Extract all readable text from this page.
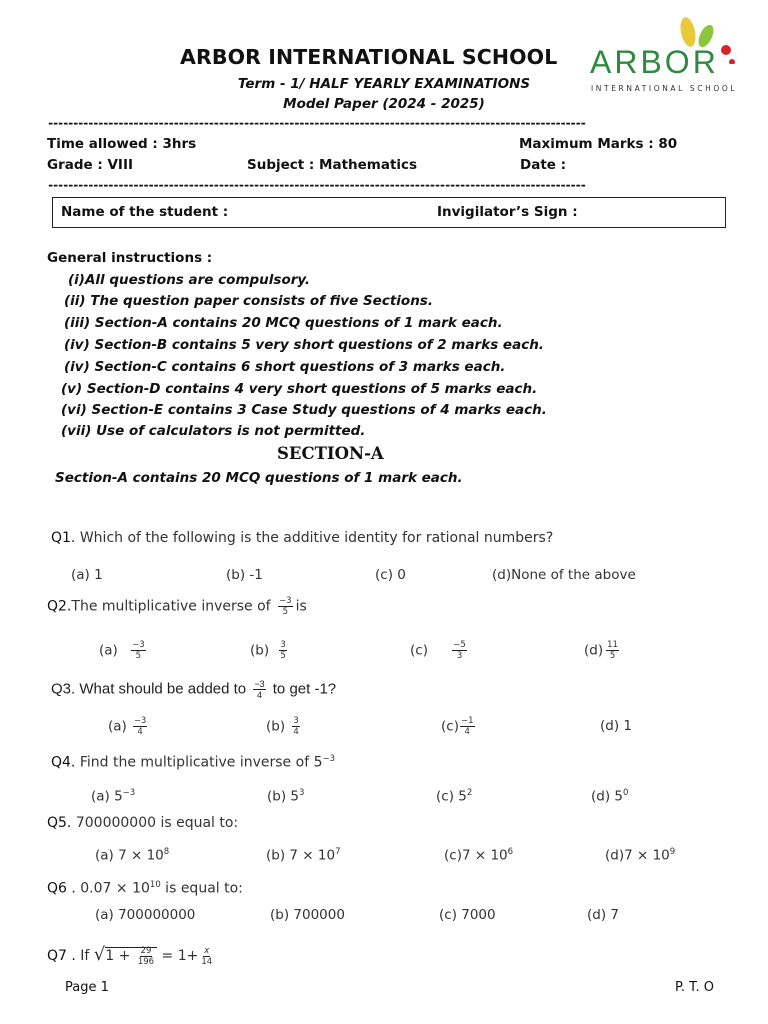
ARBOR INTERNATIONAL SCHOOL
Term - 1/ HALF YEARLY EXAMINATIONS
Model Paper (2024 - 2025)
ARBOR
INTERNATIONAL SCHOOL
-----------------------------------------------------------------------------------------------------------
Time allowed : 3hrs	Maximum Marks : 80
Grade : VIII	Subject : Mathematics	Date :
-----------------------------------------------------------------------------------------------------------
Name of the student :	Invigilator’s Sign :
General instructions :
(i)All questions are compulsory.
(ii) The question paper consists of five Sections.
(iii) Section-A contains 20 MCQ questions of 1 mark each.
(iv) Section-B contains 5 very short questions of 2 marks each.
(iv) Section-C contains 6 short questions of 3 marks each.
(v) Section-D contains 4 very short questions of 5 marks each.
(vi) Section-E contains 3 Case Study questions of 4 marks each.
(vii) Use of calculators is not permitted.
SECTION-A
Section-A contains 20 MCQ questions of 1 mark each.
Q1. Which of the following is the additive identity for rational numbers?
(a) 1	(b) -1	(c) 0	(d)None of the above
Q2.The multiplicative inverse of $\frac{-3}{5}$ is
$(a) \frac{-3}{5}$	$(b) \frac{3}{5}$	(c)	$\frac{-5}{3}$	$(d) \frac{11}{5}$
Q3. What should be added to $\frac{-3}{4}$ to get -1?
$(a) \frac{-3}{4}$	$(b) \frac{3}{4}$	$(c) \frac{-1}{4}$	(d) 1
Q4. Find the multiplicative inverse of $5^{-3}$
(a) $5^{-3}$	(b) $5^3$	(c) $5^2$	(d) $5^0$
Q5. 700000000 is equal to:
(a) $7 \times 10^8$	(b) $7 \times 10^7$	$(c)7 \times 10^6$	$(d)7 \times 10^9$
Q6 . $0.07 \times 10^{10}$ is equal to:
(a) 700000000	(b) 700000	(c) 7000	(d) 7
Q7 . If $√1 + \frac{29}{196} = 1+ \frac{x}{14}$
Page 1	P. T. O
